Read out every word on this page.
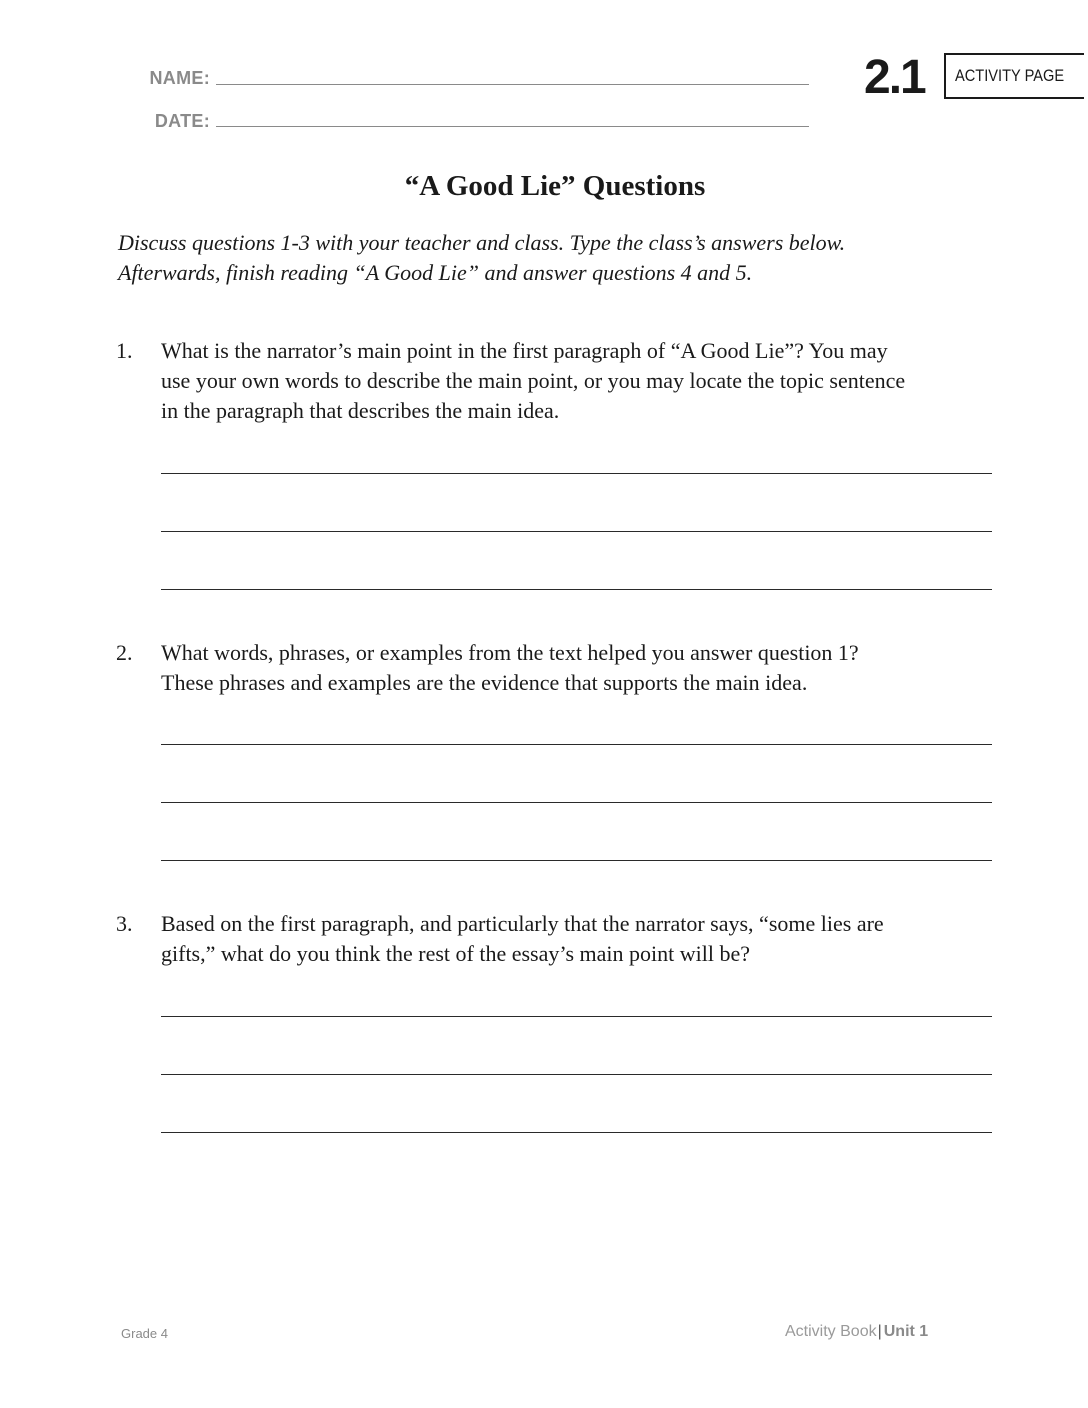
NAME:
DATE:
2.1 ACTIVITY PAGE
“A Good Lie” Questions
Discuss questions 1-3 with your teacher and class. Type the class’s answers below.
Afterwards, finish reading “A Good Lie” and answer questions 4 and 5.
1. What is the narrator’s main point in the first paragraph of “A Good Lie”? You may
use your own words to describe the main point, or you may locate the topic sentence
in the paragraph that describes the main idea.
2. What words, phrases, or examples from the text helped you answer question 1?
These phrases and examples are the evidence that supports the main idea.
3. Based on the first paragraph, and particularly that the narrator says, “some lies are
gifts,” what do you think the rest of the essay’s main point will be?
Grade 4	Activity Book| Unit 1
